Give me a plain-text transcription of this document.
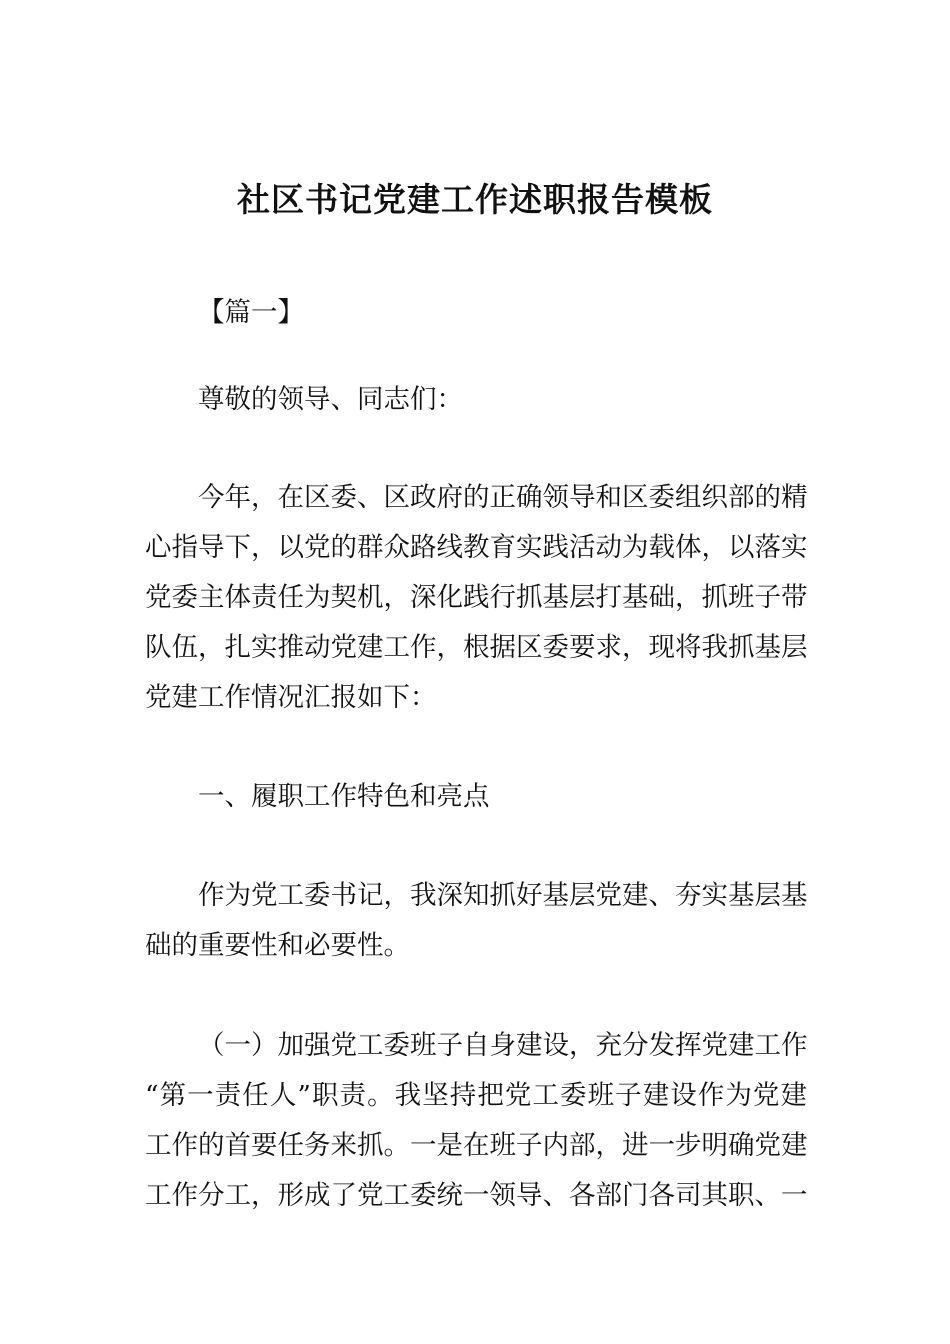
社区书记党建工作述职报告模板

【篇一】

尊敬的领导、同志们：

今年，在区委、区政府的正确领导和区委组织部的精
心指导下，以党的群众路线教育实践活动为载体，以落实
党委主体责任为契机，深化践行抓基层打基础，抓班子带
队伍，扎实推动党建工作，根据区委要求，现将我抓基层
党建工作情况汇报如下：

一、履职工作特色和亮点

作为党工委书记，我深知抓好基层党建、夯实基层基
础的重要性和必要性。
（一）加强党工委班子自身建设，充分发挥党建工作
“第一责任人”职责。我坚持把党工委班子建设作为党建
工作的首要任务来抓。一是在班子内部，进一步明确党建
工作分工，形成了党工委统一领导、各部门各司其职、一
